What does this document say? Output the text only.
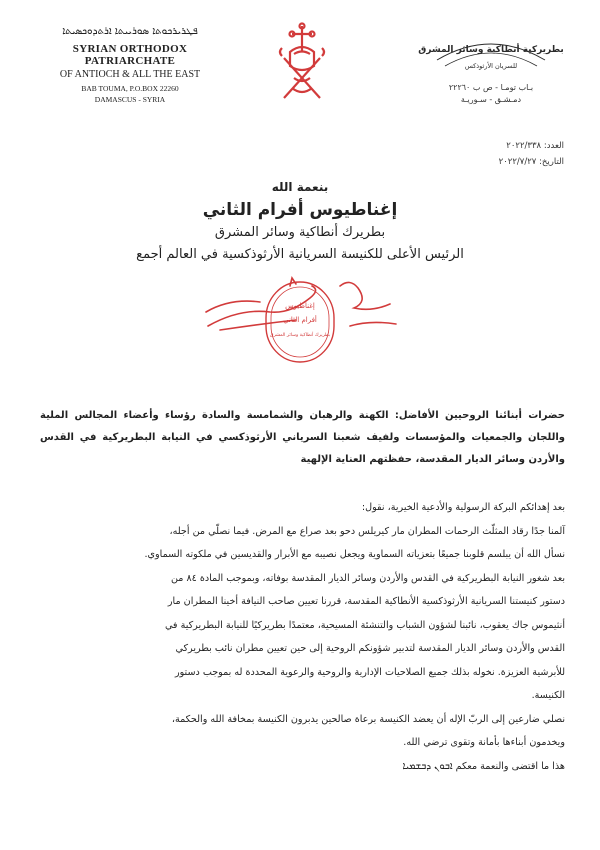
ܦܛܪܝܪܟܘܬܐ ܣܘܪܝܝܬܐ ܐܪܬܕܘܟܣܝܬܐ
SYRIAN ORTHODOX PATRIARCHATE
OF ANTIOCH & ALL THE EAST
BAB TOUMA, P.O.BOX 22260
DAMASCUS - SYRIA
بطريركية أنطاكية وسائر المشرق
للسريان الأرثوذكس
بـاب تومـا - ص ب ٢٢٢٦٠
دمـشـق - سـوريـة
العدد: ٢٠٢٢/٣٣٨
التاريخ: ٢٠٢٢/٧/٢٧
بنعمة الله
إغناطيوس أفرام الثاني
بطريرك أنطاكية وسائر المشرق
الرئيس الأعلى للكنيسة السريانية الأرثوذكسية في العالم أجمع
إغناطيوس
أفرام الثاني
بطريرك أنطاكية وسائر المشرق
حضرات أبنائنا الروحيين الأفاضل: الكهنة والرهبان والشمامسة والسادة رؤساء وأعضاء المجالس الملية واللجان والجمعيات والمؤسسات ولفيف شعبنا السرياني الأرثوذكسي في النيابة البطريركية في القدس والأردن وسائر الديار المقدسة، حفظتهم العناية الإلهية
بعد إهدائكم البركة الرسولية والأدعية الخيرية، نقول:
آلمنا جدًا رقاد المثلّث الرحمات المطران مار كيريلس دحو بعد صراع مع المرض. فيما نصلّي من أجله،
نسأل الله أن يبلسم قلوبنا جميعًا بتعزياته السماوية ويجعل نصيبه مع الأبرار والقديسين في ملكوته السماوي.
بعد شغور النيابة البطريركية في القدس والأردن وسائر الديار المقدسة بوفاته، وبموجب المادة ٨٤ من
دستور كنيستنا السريانية الأرثوذكسية الأنطاكية المقدسة، قررنا تعيين صاحب النيافة أخينا المطران مار
أنثيموس جاك يعقوب، نائبنا لشؤون الشباب والتنشئة المسيحية، معتمدًا بطريركيًا للنيابة البطريركية في
القدس والأردن وسائر الديار المقدسة لتدبير شؤونكم الروحية إلى حين تعيين مطران نائب بطريركي
للأبرشية العزيزة. نخوله بذلك جميع الصلاحيات الإدارية والروحية والرعوية المحددة له بموجب دستور
الكنيسة.
نصلي ضارعين إلى الربّ الإله أن يعضد الكنيسة برعاة صالحين يدبرون الكنيسة بمخافة الله والحكمة،
ويخدمون أبناءها بأمانة وتقوى ترضي الله.
هذا ما اقتضى والنعمة معكم ܐܒܘܢ ܕܒܫܡܝܐ
